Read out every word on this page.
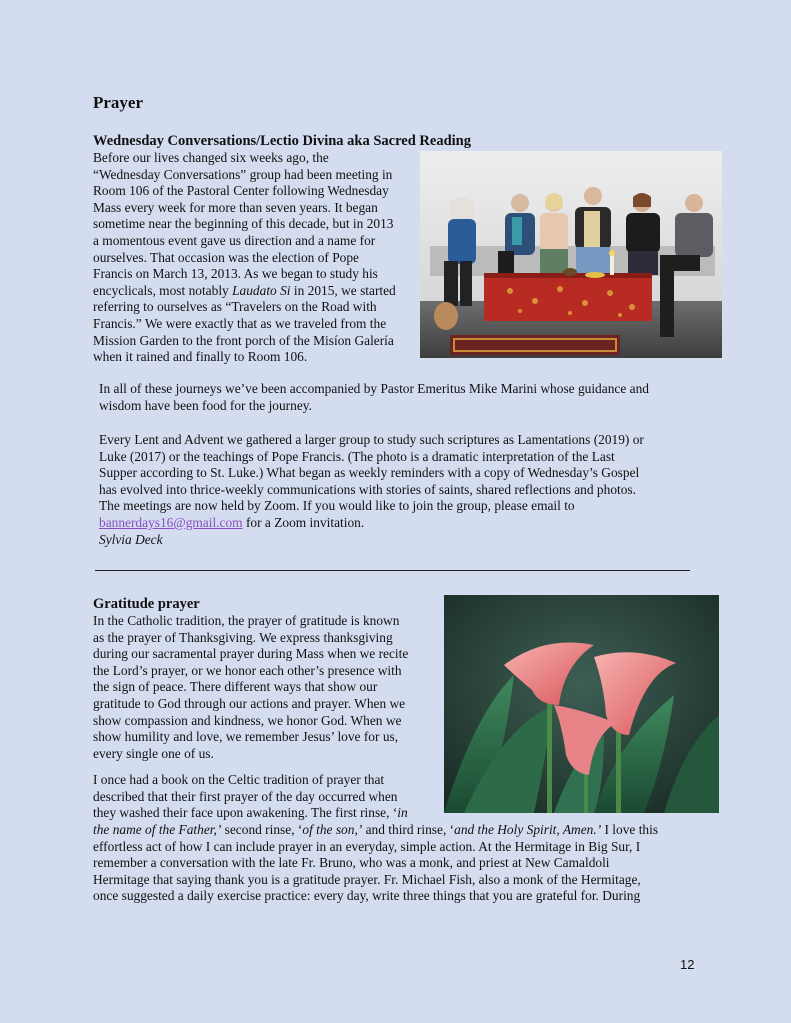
Prayer
Wednesday Conversations/Lectio Divina aka Sacred Reading
Before our lives changed six weeks ago, the
“Wednesday Conversations” group had been meeting in
Room 106 of the Pastoral Center following Wednesday
Mass every week for more than seven years. It began
sometime near the beginning of this decade, but in 2013
a momentous event gave us direction and a name for
ourselves. That occasion was the election of Pope
Francis on March 13, 2013. As we began to study his
encyclicals, most notably Laudato Si in 2015, we started
referring to ourselves as “Travelers on the Road with
Francis.” We were exactly that as we traveled from the
Mission Garden to the front porch of the Misíon Galería
when it rained and finally to Room 106.
In all of these journeys we’ve been accompanied by Pastor Emeritus Mike Marini whose guidance and
wisdom have been food for the journey.
Every Lent and Advent we gathered a larger group to study such scriptures as Lamentations (2019) or
Luke (2017) or the teachings of Pope Francis. (The photo is a dramatic interpretation of the Last
Supper according to St. Luke.) What began as weekly reminders with a copy of Wednesday’s Gospel
has evolved into thrice-weekly communications with stories of saints, shared reflections and photos.
The meetings are now held by Zoom. If you would like to join the group, please email to
bannerdays16@gmail.com for a Zoom invitation.
Sylvia Deck
Gratitude prayer
In the Catholic tradition, the prayer of gratitude is known
as the prayer of Thanksgiving. We express thanksgiving
during our sacramental prayer during Mass when we recite
the Lord’s prayer, or we honor each other’s presence with
the sign of peace. There different ways that show our
gratitude to God through our actions and prayer. When we
show compassion and kindness, we honor God. When we
show humility and love, we remember Jesus’ love for us,
every single one of us.
I once had a book on the Celtic tradition of prayer that
described that their first prayer of the day occurred when
they washed their face upon awakening. The first rinse, ‘in
the name of the Father,’ second rinse, ‘of the son,’ and third rinse, ‘and the Holy Spirit, Amen.’ I love this
effortless act of how I can include prayer in an everyday, simple action. At the Hermitage in Big Sur, I
remember a conversation with the late Fr. Bruno, who was a monk, and priest at New Camaldoli
Hermitage that saying thank you is a gratitude prayer. Fr. Michael Fish, also a monk of the Hermitage,
once suggested a daily exercise practice: every day, write three things that you are grateful for. During
12
